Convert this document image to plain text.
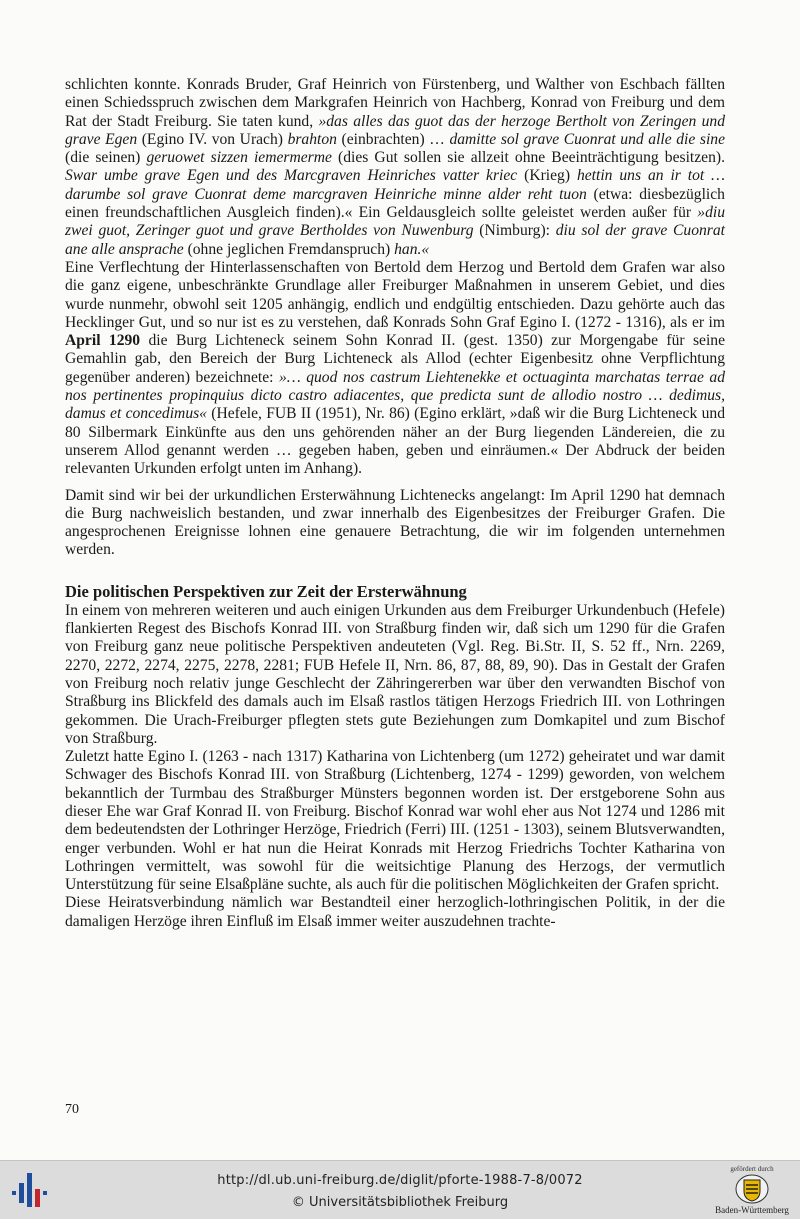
schlichten konnte. Konrads Bruder, Graf Heinrich von Fürstenberg, und Walther von Eschbach fällten einen Schiedsspruch zwischen dem Markgrafen Heinrich von Hachberg, Konrad von Freiburg und dem Rat der Stadt Freiburg. Sie taten kund, »das alles das guot das der herzoge Bertholt von Zeringen und grave Egen (Egino IV. von Urach) brahton (einbrachten) … damitte sol grave Cuonrat und alle die sine (die seinen) geruowet sizzen iemermerme (dies Gut sollen sie allzeit ohne Beeinträchtigung besitzen). Swar umbe grave Egen und des Marcgraven Heinriches vatter kriec (Krieg) hettin uns an ir tot … darumbe sol grave Cuonrat deme marcgraven Heinriche minne alder reht tuon (etwa: diesbezüglich einen freundschaftlichen Ausgleich finden).« Ein Geldausgleich sollte geleistet werden außer für »diu zwei guot, Zeringer guot und grave Bertholdes von Nuwenburg (Nimburg): diu sol der grave Cuonrat ane alle ansprache (ohne jeglichen Fremdanspruch) han.«

Eine Verflechtung der Hinterlassenschaften von Bertold dem Herzog und Bertold dem Grafen war also die ganz eigene, unbeschränkte Grundlage aller Freiburger Maßnahmen in unserem Gebiet, und dies wurde nunmehr, obwohl seit 1205 anhängig, endlich und endgültig entschieden. Dazu gehörte auch das Hecklinger Gut, und so nur ist es zu verstehen, daß Konrads Sohn Graf Egino I. (1272 - 1316), als er im April 1290 die Burg Lichteneck seinem Sohn Konrad II. (gest. 1350) zur Morgengabe für seine Gemahlin gab, den Bereich der Burg Lichteneck als Allod (echter Eigenbesitz ohne Verpflichtung gegenüber anderen) bezeichnete: »… quod nos castrum Liehtenekke et octuaginta marchatas terrae ad nos pertinentes propinquius dicto castro adiacentes, que predicta sunt de allodio nostro … dedimus, damus et concedimus« (Hefele, FUB II (1951), Nr. 86) (Egino erklärt, »daß wir die Burg Lichteneck und 80 Silbermark Einkünfte aus den uns gehörenden näher an der Burg liegenden Ländereien, die zu unserem Allod genannt werden … gegeben haben, geben und einräumen.« Der Abdruck der beiden relevanten Urkunden erfolgt unten im Anhang).

Damit sind wir bei der urkundlichen Ersterwähnung Lichtenecks angelangt: Im April 1290 hat demnach die Burg nachweislich bestanden, und zwar innerhalb des Eigenbesitzes der Freiburger Grafen. Die angesprochenen Ereignisse lohnen eine genauere Betrachtung, die wir im folgenden unternehmen werden.

Die politischen Perspektiven zur Zeit der Ersterwähnung

In einem von mehreren weiteren und auch einigen Urkunden aus dem Freiburger Urkundenbuch (Hefele) flankierten Regest des Bischofs Konrad III. von Straßburg finden wir, daß sich um 1290 für die Grafen von Freiburg ganz neue politische Perspektiven andeuteten (Vgl. Reg. Bi.Str. II, S. 52 ff., Nrn. 2269, 2270, 2272, 2274, 2275, 2278, 2281; FUB Hefele II, Nrn. 86, 87, 88, 89, 90). Das in Gestalt der Grafen von Freiburg noch relativ junge Geschlecht der Zähringererben war über den verwandten Bischof von Straßburg ins Blickfeld des damals auch im Elsaß rastlos tätigen Herzogs Friedrich III. von Lothringen gekommen. Die Urach-Freiburger pflegten stets gute Beziehungen zum Domkapitel und zum Bischof von Straßburg.

Zuletzt hatte Egino I. (1263 - nach 1317) Katharina von Lichtenberg (um 1272) geheiratet und war damit Schwager des Bischofs Konrad III. von Straßburg (Lichtenberg, 1274 - 1299) geworden, von welchem bekanntlich der Turmbau des Straßburger Münsters begonnen worden ist. Der erstgeborene Sohn aus dieser Ehe war Graf Konrad II. von Freiburg. Bischof Konrad war wohl eher aus Not 1274 und 1286 mit dem bedeutendsten der Lothringer Herzöge, Friedrich (Ferri) III. (1251 - 1303), seinem Blutsverwandten, enger verbunden. Wohl er hat nun die Heirat Konrads mit Herzog Friedrichs Tochter Katharina von Lothringen vermittelt, was sowohl für die weitsichtige Planung des Herzogs, der vermutlich Unterstützung für seine Elsaßpläne suchte, als auch für die politischen Möglichkeiten der Grafen spricht.

Diese Heiratsverbindung nämlich war Bestandteil einer herzoglich-lothringischen Politik, in der die damaligen Herzöge ihren Einfluß im Elsaß immer weiter auszudehnen trachte-

70
http://dl.ub.uni-freiburg.de/diglit/pforte-1988-7-8/0072
© Universitätsbibliothek Freiburg
gefördert durch
Baden-Württemberg
